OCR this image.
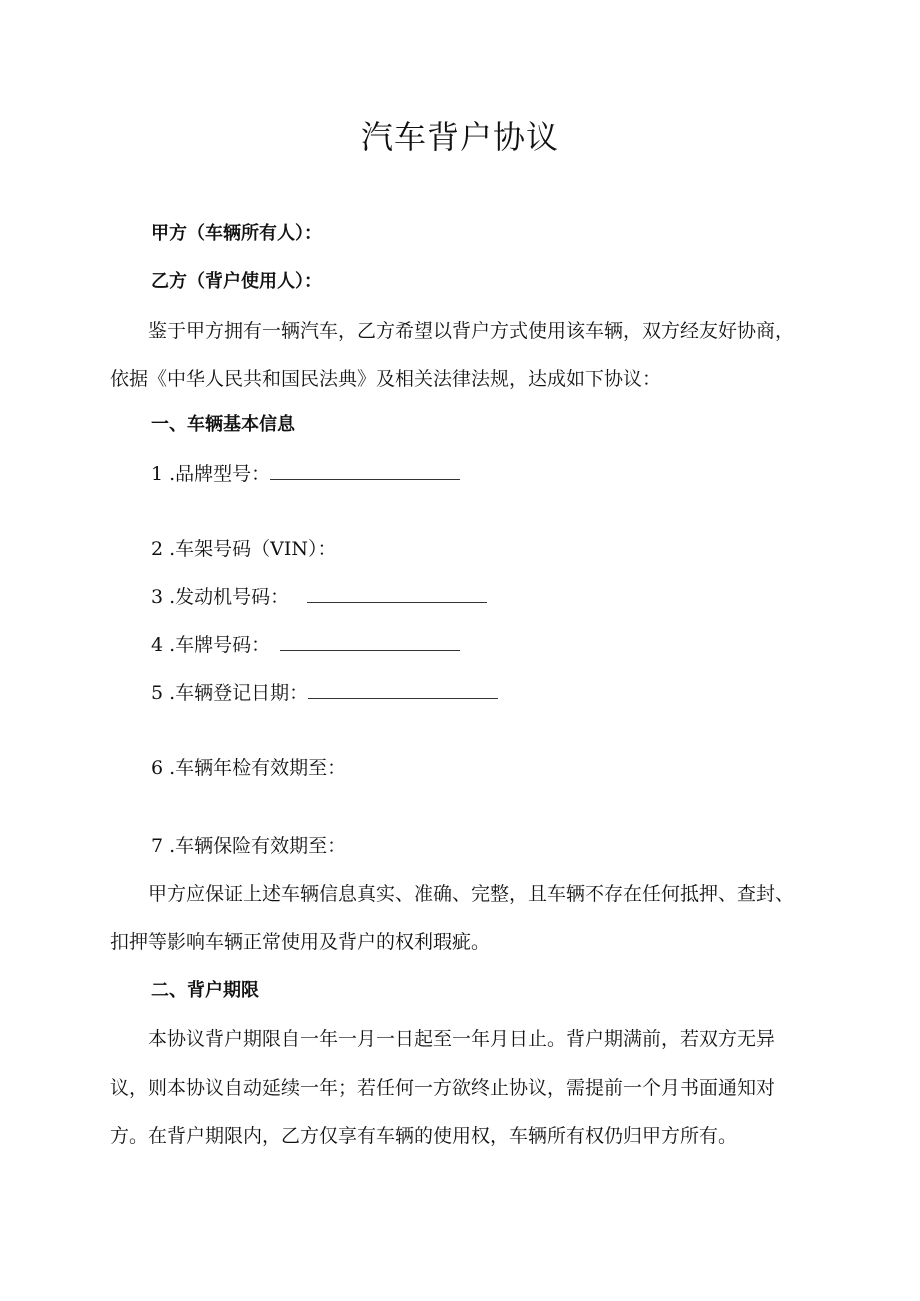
汽车背户协议
甲方（车辆所有人）：
乙方（背户使用人）：
　　鉴于甲方拥有一辆汽车，乙方希望以背户方式使用该车辆，双方经友好协商，
依据《中华人民共和国民法典》及相关法律法规，达成如下协议：
一、车辆基本信息
1 .品牌型号：
2 .车架号码（VIN）：
3 .发动机号码：
4 .车牌号码：
5 .车辆登记日期：
6 .车辆年检有效期至：
7 .车辆保险有效期至：
　　甲方应保证上述车辆信息真实、准确、完整，且车辆不存在任何抵押、查封、
扣押等影响车辆正常使用及背户的权利瑕疵。
二、背户期限
　　本协议背户期限自一年一月一日起至一年月日止。背户期满前，若双方无异
议，则本协议自动延续一年；若任何一方欲终止协议，需提前一个月书面通知对
方。在背户期限内，乙方仅享有车辆的使用权，车辆所有权仍归甲方所有。
